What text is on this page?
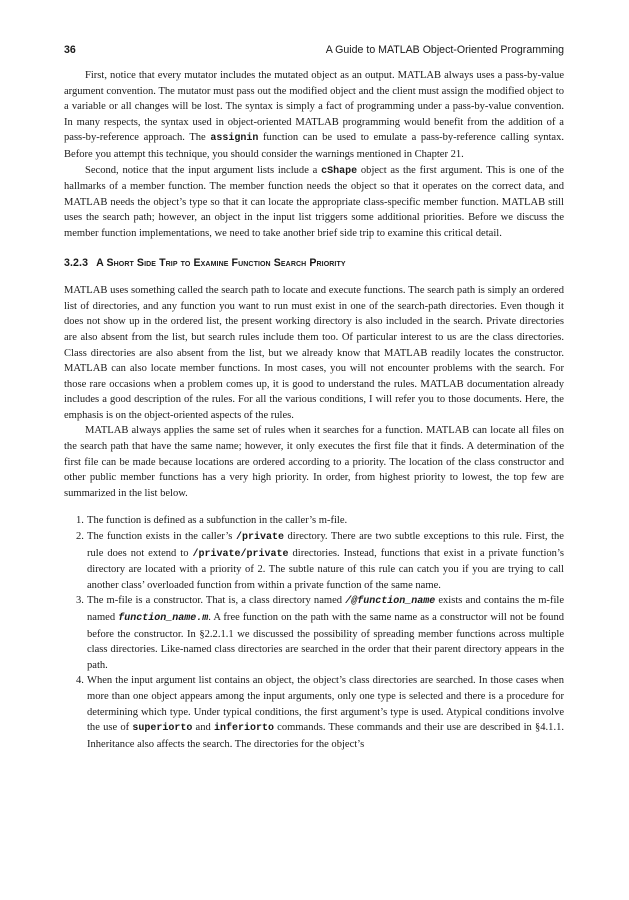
36	A Guide to MATLAB Object-Oriented Programming

First, notice that every mutator includes the mutated object as an output. MATLAB always uses a pass-by-value argument convention. The mutator must pass out the modified object and the client must assign the modified object to a variable or all changes will be lost. The syntax is simply a fact of programming under a pass-by-value convention. In many respects, the syntax used in object-oriented MATLAB programming would benefit from the addition of a pass-by-reference approach. The assignin function can be used to emulate a pass-by-reference calling syntax. Before you attempt this technique, you should consider the warnings mentioned in Chapter 21.

Second, notice that the input argument lists include a cShape object as the first argument. This is one of the hallmarks of a member function. The member function needs the object so that it operates on the correct data, and MATLAB needs the object’s type so that it can locate the appropriate class-specific member function. MATLAB still uses the search path; however, an object in the input list triggers some additional priorities. Before we discuss the member function implementations, we need to take another brief side trip to examine this critical detail.

3.2.3 A Short Side Trip to Examine Function Search Priority

MATLAB uses something called the search path to locate and execute functions. The search path is simply an ordered list of directories, and any function you want to run must exist in one of the search-path directories. Even though it does not show up in the ordered list, the present working directory is also included in the search. Private directories are also absent from the list, but search rules include them too. Of particular interest to us are the class directories. Class directories are also absent from the list, but we already know that MATLAB readily locates the constructor. MATLAB can also locate member functions. In most cases, you will not encounter problems with the search. For those rare occasions when a problem comes up, it is good to understand the rules. MATLAB documentation already includes a good description of the rules. For all the various conditions, I will refer you to those documents. Here, the emphasis is on the object-oriented aspects of the rules.

MATLAB always applies the same set of rules when it searches for a function. MATLAB can locate all files on the search path that have the same name; however, it only executes the first file that it finds. A determination of the first file can be made because locations are ordered according to a priority. The location of the class constructor and other public member functions has a very high priority. In order, from highest priority to lowest, the top few are summarized in the list below.

1. The function is defined as a subfunction in the caller’s m-file.
2. The function exists in the caller’s /private directory. There are two subtle exceptions to this rule. First, the rule does not extend to /private/private directories. Instead, functions that exist in a private function’s directory are located with a priority of 2. The subtle nature of this rule can catch you if you are trying to call another class’ overloaded function from within a private function of the same name.
3. The m-file is a constructor. That is, a class directory named /@function_name exists and contains the m-file named function_name.m. A free function on the path with the same name as a constructor will not be found before the constructor. In §2.2.1.1 we discussed the possibility of spreading member functions across multiple class directories. Like-named class directories are searched in the order that their parent directory appears in the path.
4. When the input argument list contains an object, the object’s class directories are searched. In those cases when more than one object appears among the input arguments, only one type is selected and there is a procedure for determining which type. Under typical conditions, the first argument’s type is used. Atypical conditions involve the use of superiorto and inferiorto commands. These commands and their use are described in §4.1.1. Inheritance also affects the search. The directories for the object’s
